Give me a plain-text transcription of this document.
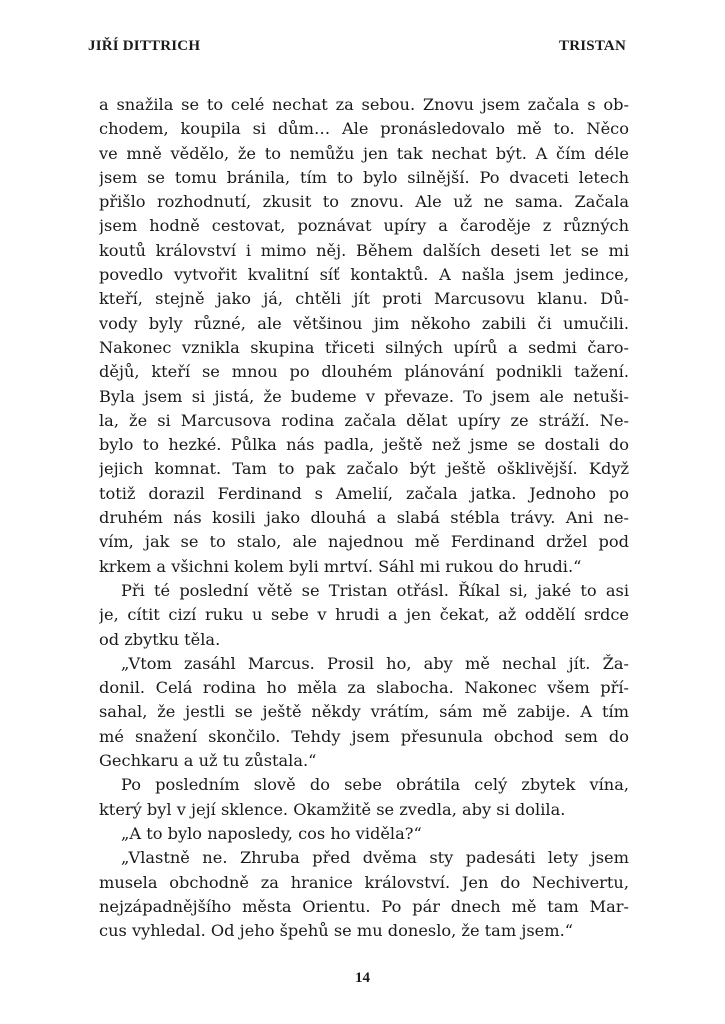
JIŘÍ DITTRICH	TRISTAN
a snažila se to celé nechat za sebou. Znovu jsem začala s ob-
chodem, koupila si dům… Ale pronásledovalo mě to. Něco
ve mně vědělo, že to nemůžu jen tak nechat být. A čím déle
jsem se tomu bránila, tím to bylo silnější. Po dvaceti letech
přišlo rozhodnutí, zkusit to znovu. Ale už ne sama. Začala
jsem hodně cestovat, poznávat upíry a čaroděje z různých
koutů království i mimo něj. Během dalších deseti let se mi
povedlo vytvořit kvalitní síť kontaktů. A našla jsem jedince,
kteří, stejně jako já, chtěli jít proti Marcusovu klanu. Dů-
vody byly různé, ale většinou jim někoho zabili či umučili.
Nakonec vznikla skupina třiceti silných upírů a sedmi čaro-
dějů, kteří se mnou po dlouhém plánování podnikli tažení.
Byla jsem si jistá, že budeme v převaze. To jsem ale netuši-
la, že si Marcusova rodina začala dělat upíry ze stráží. Ne-
bylo to hezké. Půlka nás padla, ještě než jsme se dostali do
jejich komnat. Tam to pak začalo být ještě ošklivější. Když
totiž dorazil Ferdinand s Amelií, začala jatka. Jednoho po
druhém nás kosili jako dlouhá a slabá stébla trávy. Ani ne-
vím, jak se to stalo, ale najednou mě Ferdinand držel pod
krkem a všichni kolem byli mrtví. Sáhl mi rukou do hrudi.“
Při té poslední větě se Tristan otřásl. Říkal si, jaké to asi
je, cítit cizí ruku u sebe v hrudi a jen čekat, až oddělí srdce
od zbytku těla.
„Vtom zasáhl Marcus. Prosil ho, aby mě nechal jít. Ža-
donil. Celá rodina ho měla za slabocha. Nakonec všem pří-
sahal, že jestli se ještě někdy vrátím, sám mě zabije. A tím
mé snažení skončilo. Tehdy jsem přesunula obchod sem do
Gechkaru a už tu zůstala.“
Po posledním slově do sebe obrátila celý zbytek vína,
který byl v její sklence. Okamžitě se zvedla, aby si dolila.
„A to bylo naposledy, cos ho viděla?“
„Vlastně ne. Zhruba před dvěma sty padesáti lety jsem
musela obchodně za hranice království. Jen do Nechivertu,
nejzápadnějšího města Orientu. Po pár dnech mě tam Mar-
cus vyhledal. Od jeho špehů se mu doneslo, že tam jsem.“
14
